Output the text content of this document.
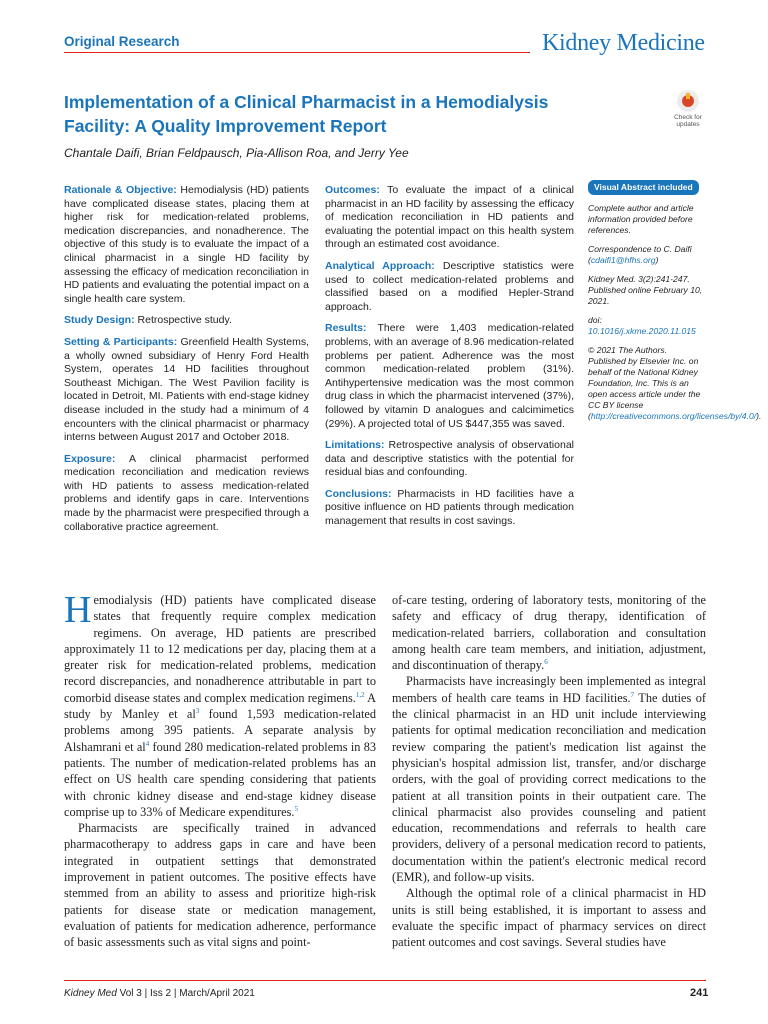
Original Research	Kidney Medicine
Implementation of a Clinical Pharmacist in a Hemodialysis Facility: A Quality Improvement Report	Check for updates
Chantale Daifi, Brian Feldpausch, Pia-Allison Roa, and Jerry Yee

Rationale & Objective: Hemodialysis (HD) patients have complicated disease states, placing them at higher risk for medication-related problems, medication discrepancies, and nonadherence. The objective of this study is to evaluate the impact of a clinical pharmacist in a single HD facility by assessing the efficacy of medication reconciliation in HD patients and evaluating the potential impact on a single health care system.

Study Design: Retrospective study.

Setting & Participants: Greenfield Health Systems, a wholly owned subsidiary of Henry Ford Health System, operates 14 HD facilities throughout Southeast Michigan. The West Pavilion facility is located in Detroit, MI. Patients with end-stage kidney disease included in the study had a minimum of 4 encounters with the clinical pharmacist or pharmacy interns between August 2017 and October 2018.

Exposure: A clinical pharmacist performed medication reconciliation and medication reviews with HD patients to assess medication-related problems and identify gaps in care. Interventions made by the pharmacist were prespecified through a collaborative practice agreement.

Outcomes: To evaluate the impact of a clinical pharmacist in an HD facility by assessing the efficacy of medication reconciliation in HD patients and evaluating the potential impact on this health system through an estimated cost avoidance.

Analytical Approach: Descriptive statistics were used to collect medication-related problems and classified based on a modified Hepler-Strand approach.

Results: There were 1,403 medication-related problems, with an average of 8.96 medication-related problems per patient. Adherence was the most common medication-related problem (31%). Antihypertensive medication was the most common drug class in which the pharmacist intervened (37%), followed by vitamin D analogues and calcimimetics (29%). A projected total of US $447,355 was saved.

Limitations: Retrospective analysis of observational data and descriptive statistics with the potential for residual bias and confounding.

Conclusions: Pharmacists in HD facilities have a positive influence on HD patients through medication management that results in cost savings.

Visual Abstract included

Complete author and article information provided before references.

Correspondence to C. Daifi (cdaifi1@hfhs.org)

Kidney Med. 3(2):241-247. Published online February 10, 2021.

doi: 10.1016/j.xkme.2020.11.015

© 2021 The Authors. Published by Elsevier Inc. on behalf of the National Kidney Foundation, Inc. This is an open access article under the CC BY license (http://creativecommons.org/licenses/by/4.0/).

Hemodialysis (HD) patients have complicated disease states that frequently require complex medication regimens. On average, HD patients are prescribed approximately 11 to 12 medications per day, placing them at a greater risk for medication-related problems, medication record discrepancies, and nonadherence attributable in part to comorbid disease states and complex medication regimens.$^{1,2}$ A study by Manley et $al^3$ found 1,593 medication-related problems among 395 patients. A separate analysis by Alshamrani et $al^4$ found 280 medication-related problems in 83 patients. The number of medication-related problems has an effect on US health care spending considering that patients with chronic kidney disease and end-stage kidney disease comprise up to 33% of Medicare expenditures.$^5$

Pharmacists are specifically trained in advanced pharmacotherapy to address gaps in care and have been integrated in outpatient settings that demonstrated improvement in patient outcomes. The positive effects have stemmed from an ability to assess and prioritize high-risk patients for disease state or medication management, evaluation of patients for medication adherence, performance of basic assessments such as vital signs and point-

of-care testing, ordering of laboratory tests, monitoring of the safety and efficacy of drug therapy, identification of medication-related barriers, collaboration and consultation among health care team members, and initiation, adjustment, and discontinuation of therapy.$^6$

Pharmacists have increasingly been implemented as integral members of health care teams in HD facilities.$^7$ The duties of the clinical pharmacist in an HD unit include interviewing patients for optimal medication reconciliation and medication review comparing the patient's medication list against the physician's hospital admission list, transfer, and/or discharge orders, with the goal of providing correct medications to the patient at all transition points in their outpatient care. The clinical pharmacist also provides counseling and patient education, recommendations and referrals to health care providers, delivery of a personal medication record to patients, documentation within the patient's electronic medical record (EMR), and follow-up visits.

Although the optimal role of a clinical pharmacist in HD units is still being established, it is important to assess and evaluate the specific impact of pharmacy services on direct patient outcomes and cost savings. Several studies have

Kidney Med Vol 3 | Iss 2 | March/April 2021	241
